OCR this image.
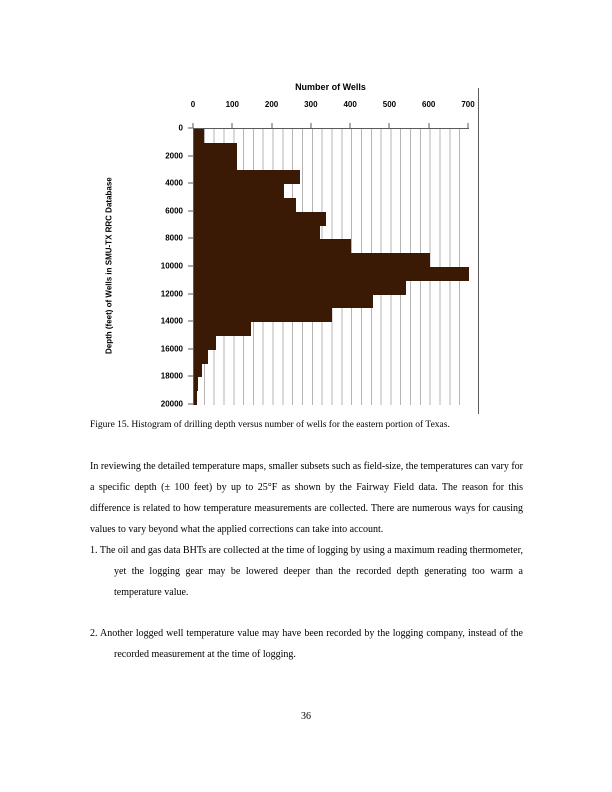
Number of Wells
0	100	200	300	400	500	600	700
Depth (feet) of Wells in SMU-TX RRC Database
0
2000
4000
6000
8000
10000
12000
14000
16000
18000
20000
Figure 15. Histogram of drilling depth versus number of wells for the eastern portion of Texas.

In reviewing the detailed temperature maps, smaller subsets such as field-size, the temperatures can vary for a specific depth (± 100 feet) by up to 25°F as shown by the Fairway Field data. The reason for this difference is related to how temperature measurements are collected. There are numerous ways for causing values to vary beyond what the applied corrections can take into account.

1. The oil and gas data BHTs are collected at the time of logging by using a maximum reading thermometer, yet the logging gear may be lowered deeper than the recorded depth generating too warm a temperature value.

2. Another logged well temperature value may have been recorded by the logging company, instead of the recorded measurement at the time of logging.

36
